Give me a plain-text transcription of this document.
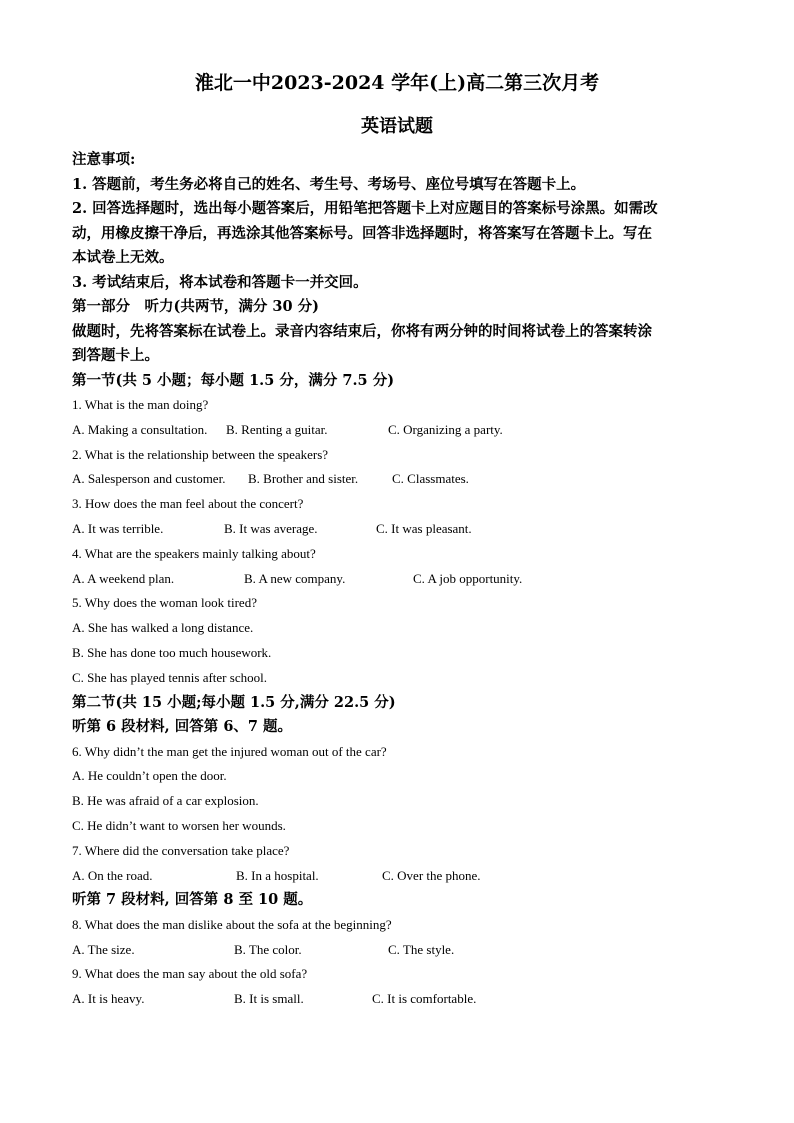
淮北一中2023-2024 学年(上)高二第三次月考
英语试题

注意事项:

1. 答题前，考生务必将自己的姓名、考生号、考场号、座位号填写在答题卡上。

2. 回答选择题时，选出每小题答案后，用铅笔把答题卡上对应题目的答案标号涂黑。如需改

动，用橡皮擦干净后，再选涂其他答案标号。回答非选择题时，将答案写在答题卡上。写在

本试卷上无效。

3. 考试结束后，将本试卷和答题卡一并交回。

第一部分　听力(共两节，满分 30 分)

做题时，先将答案标在试卷上。录音内容结束后，你将有两分钟的时间将试卷上的答案转涂

到答题卡上。

第一节(共 5 小题；每小题 1.5 分，满分 7.5 分)

1. What is the man doing?

A. Making a consultation.	B. Renting a guitar.	C. Organizing a party.

2. What is the relationship between the speakers?

A. Salesperson and customer.	B. Brother and sister.	C. Classmates.

3. How does the man feel about the concert?

A. It was terrible.	B. It was average.	C. It was pleasant.

4. What are the speakers mainly talking about?

A. A weekend plan.	B. A new company.	C. A job opportunity.

5. Why does the woman look tired?

A. She has walked a long distance.

B. She has done too much housework.

C. She has played tennis after school.

第二节(共 15 小题;每小题 1.5 分,满分 22.5 分)

听第 6 段材料, 回答第 6、7 题。

6. Why didn’t the man get the injured woman out of the car?

A. He couldn’t open the door.

B. He was afraid of a car explosion.

C. He didn’t want to worsen her wounds.

7. Where did the conversation take place?

A. On the road.	B. In a hospital.	C. Over the phone.

听第 7 段材料, 回答第 8 至 10 题。

8. What does the man dislike about the sofa at the beginning?

A. The size.	B. The color.	C. The style.

9. What does the man say about the old sofa?

A. It is heavy.	B. It is small.	C. It is comfortable.
